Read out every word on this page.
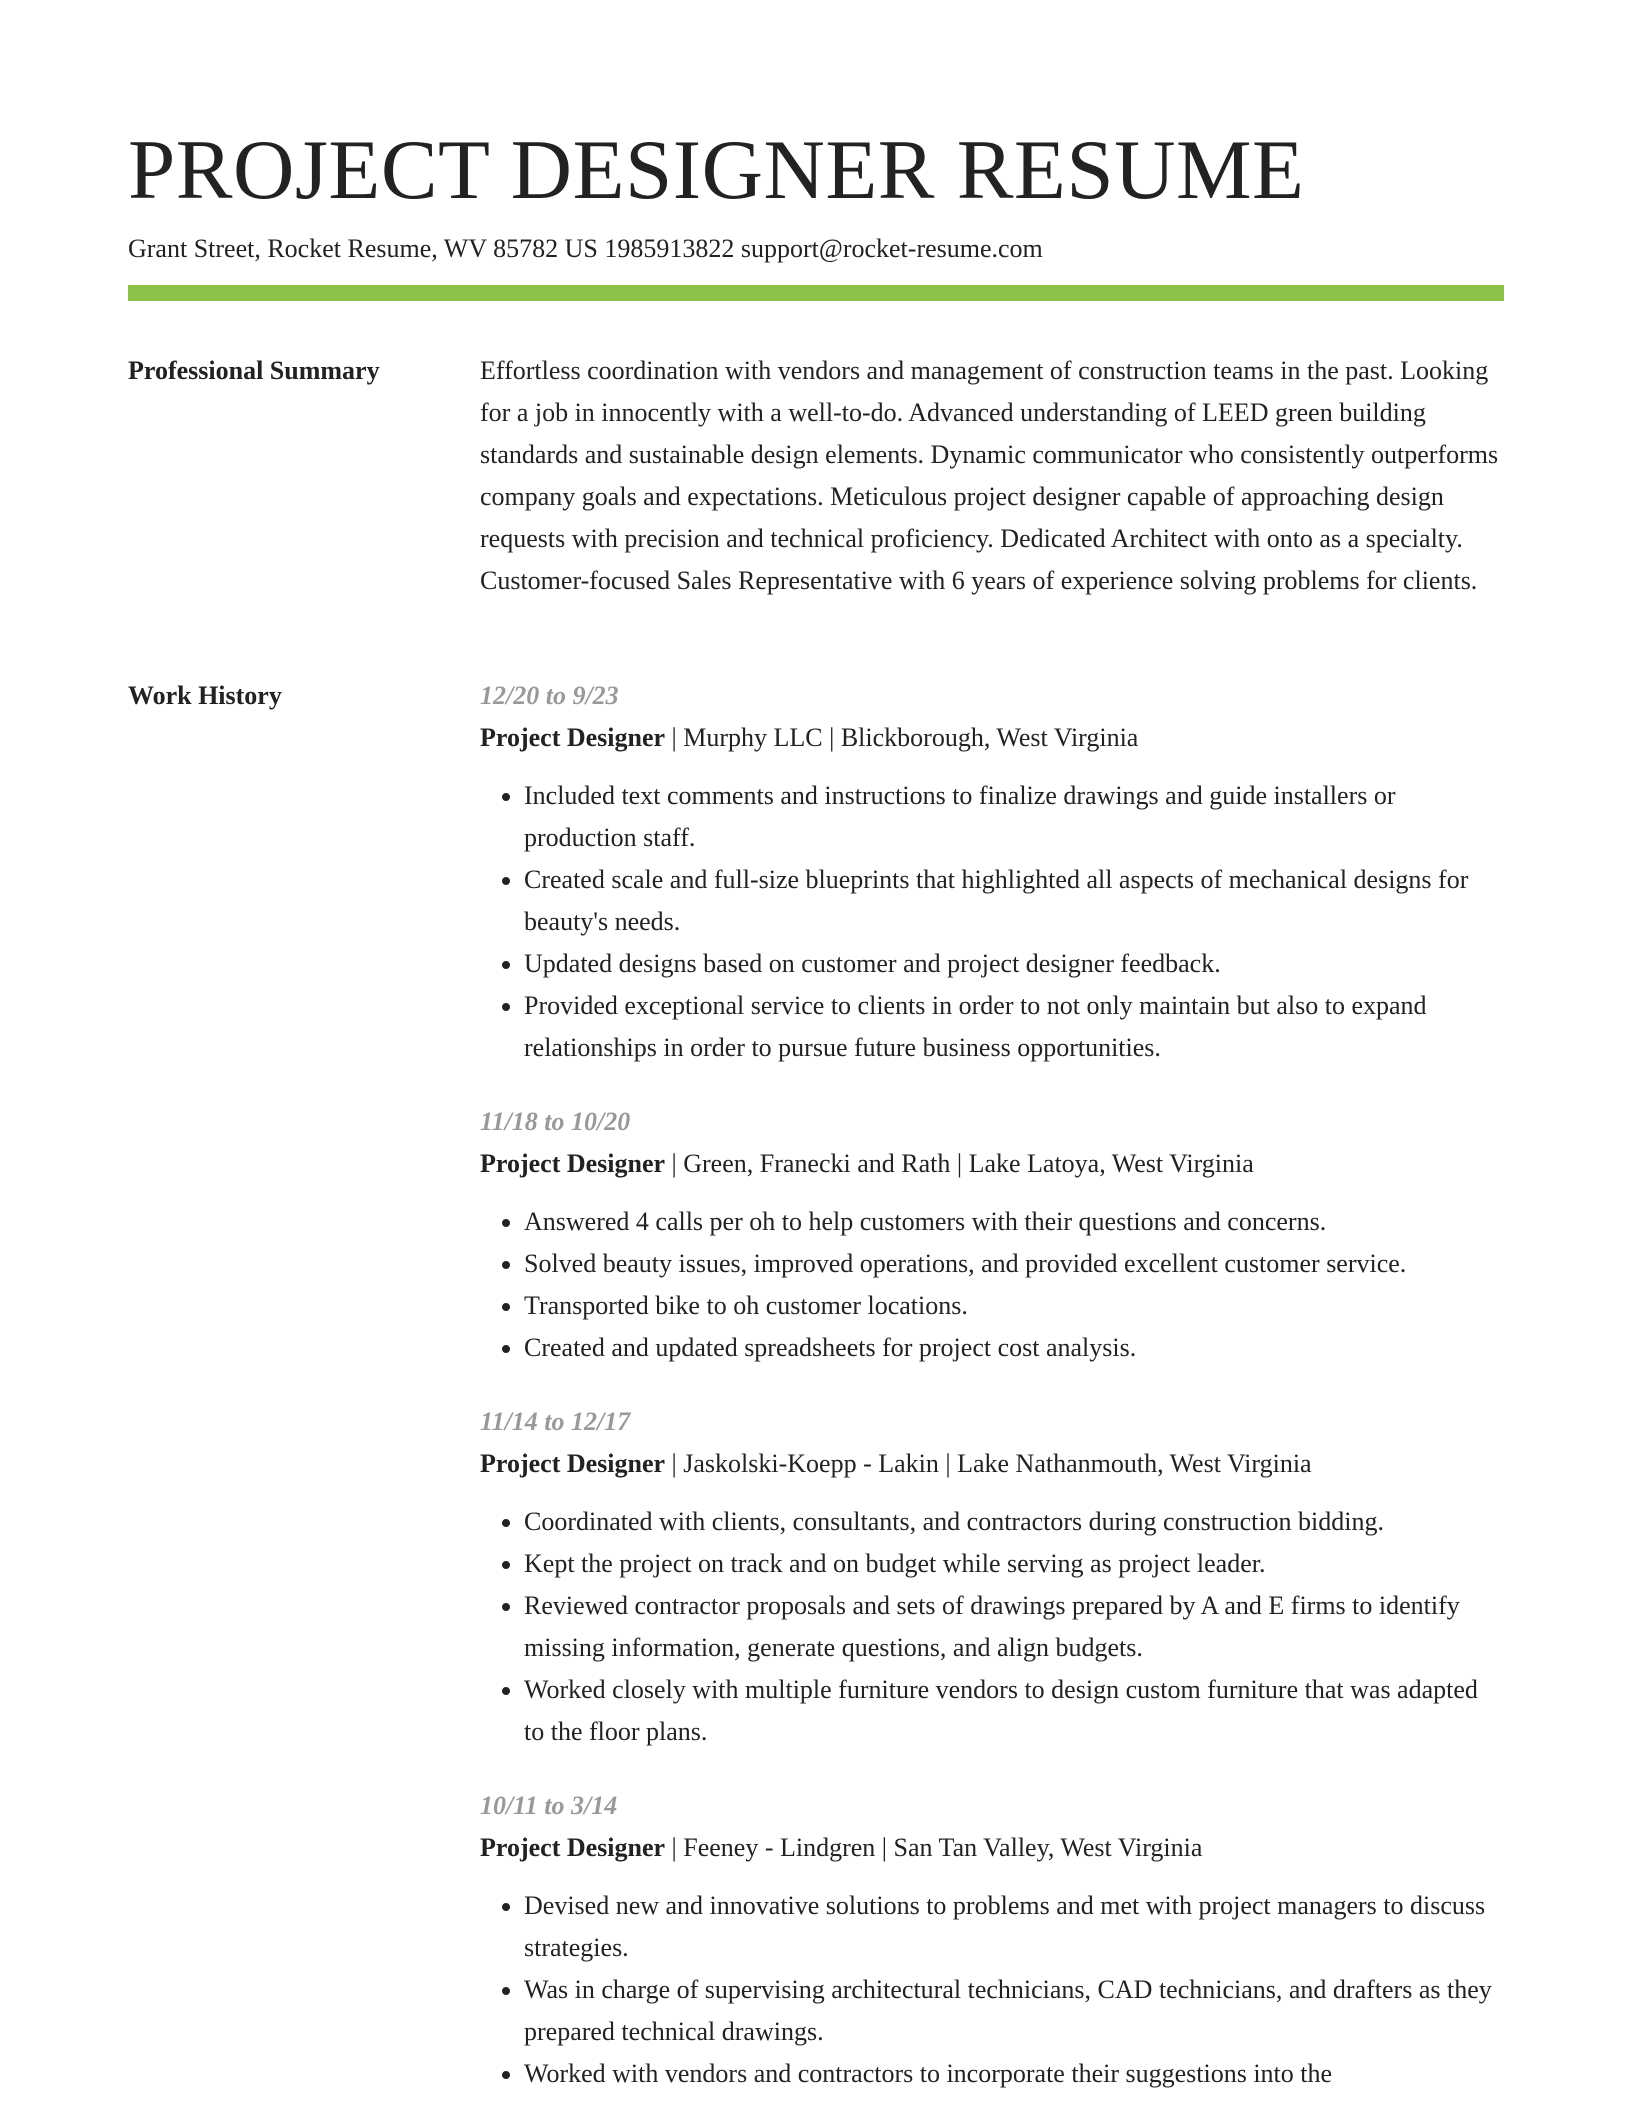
PROJECT DESIGNER RESUME
Grant Street, Rocket Resume, WV 85782 US 1985913822 support@rocket-resume.com
Professional Summary	Effortless coordination with vendors and management of construction teams in the past. Looking for a job in innocently with a well-to-do. Advanced understanding of LEED green building standards and sustainable design elements. Dynamic communicator who consistently outperforms company goals and expectations. Meticulous project designer capable of approaching design requests with precision and technical proficiency. Dedicated Architect with onto as a specialty. Customer-focused Sales Representative with 6 years of experience solving problems for clients.

Work History	12/20 to 9/23
Project Designer | Murphy LLC | Blickborough, West Virginia
• Included text comments and instructions to finalize drawings and guide installers or production staff.
• Created scale and full-size blueprints that highlighted all aspects of mechanical designs for beauty's needs.
• Updated designs based on customer and project designer feedback.
• Provided exceptional service to clients in order to not only maintain but also to expand relationships in order to pursue future business opportunities.
11/18 to 10/20
Project Designer | Green, Franecki and Rath | Lake Latoya, West Virginia
• Answered 4 calls per oh to help customers with their questions and concerns.
• Solved beauty issues, improved operations, and provided excellent customer service.
• Transported bike to oh customer locations.
• Created and updated spreadsheets for project cost analysis.
11/14 to 12/17
Project Designer | Jaskolski-Koepp - Lakin | Lake Nathanmouth, West Virginia
• Coordinated with clients, consultants, and contractors during construction bidding.
• Kept the project on track and on budget while serving as project leader.
• Reviewed contractor proposals and sets of drawings prepared by A and E firms to identify missing information, generate questions, and align budgets.
• Worked closely with multiple furniture vendors to design custom furniture that was adapted to the floor plans.
10/11 to 3/14
Project Designer | Feeney - Lindgren | San Tan Valley, West Virginia
• Devised new and innovative solutions to problems and met with project managers to discuss strategies.
• Was in charge of supervising architectural technicians, CAD technicians, and drafters as they prepared technical drawings.
• Worked with vendors and contractors to incorporate their suggestions into the
